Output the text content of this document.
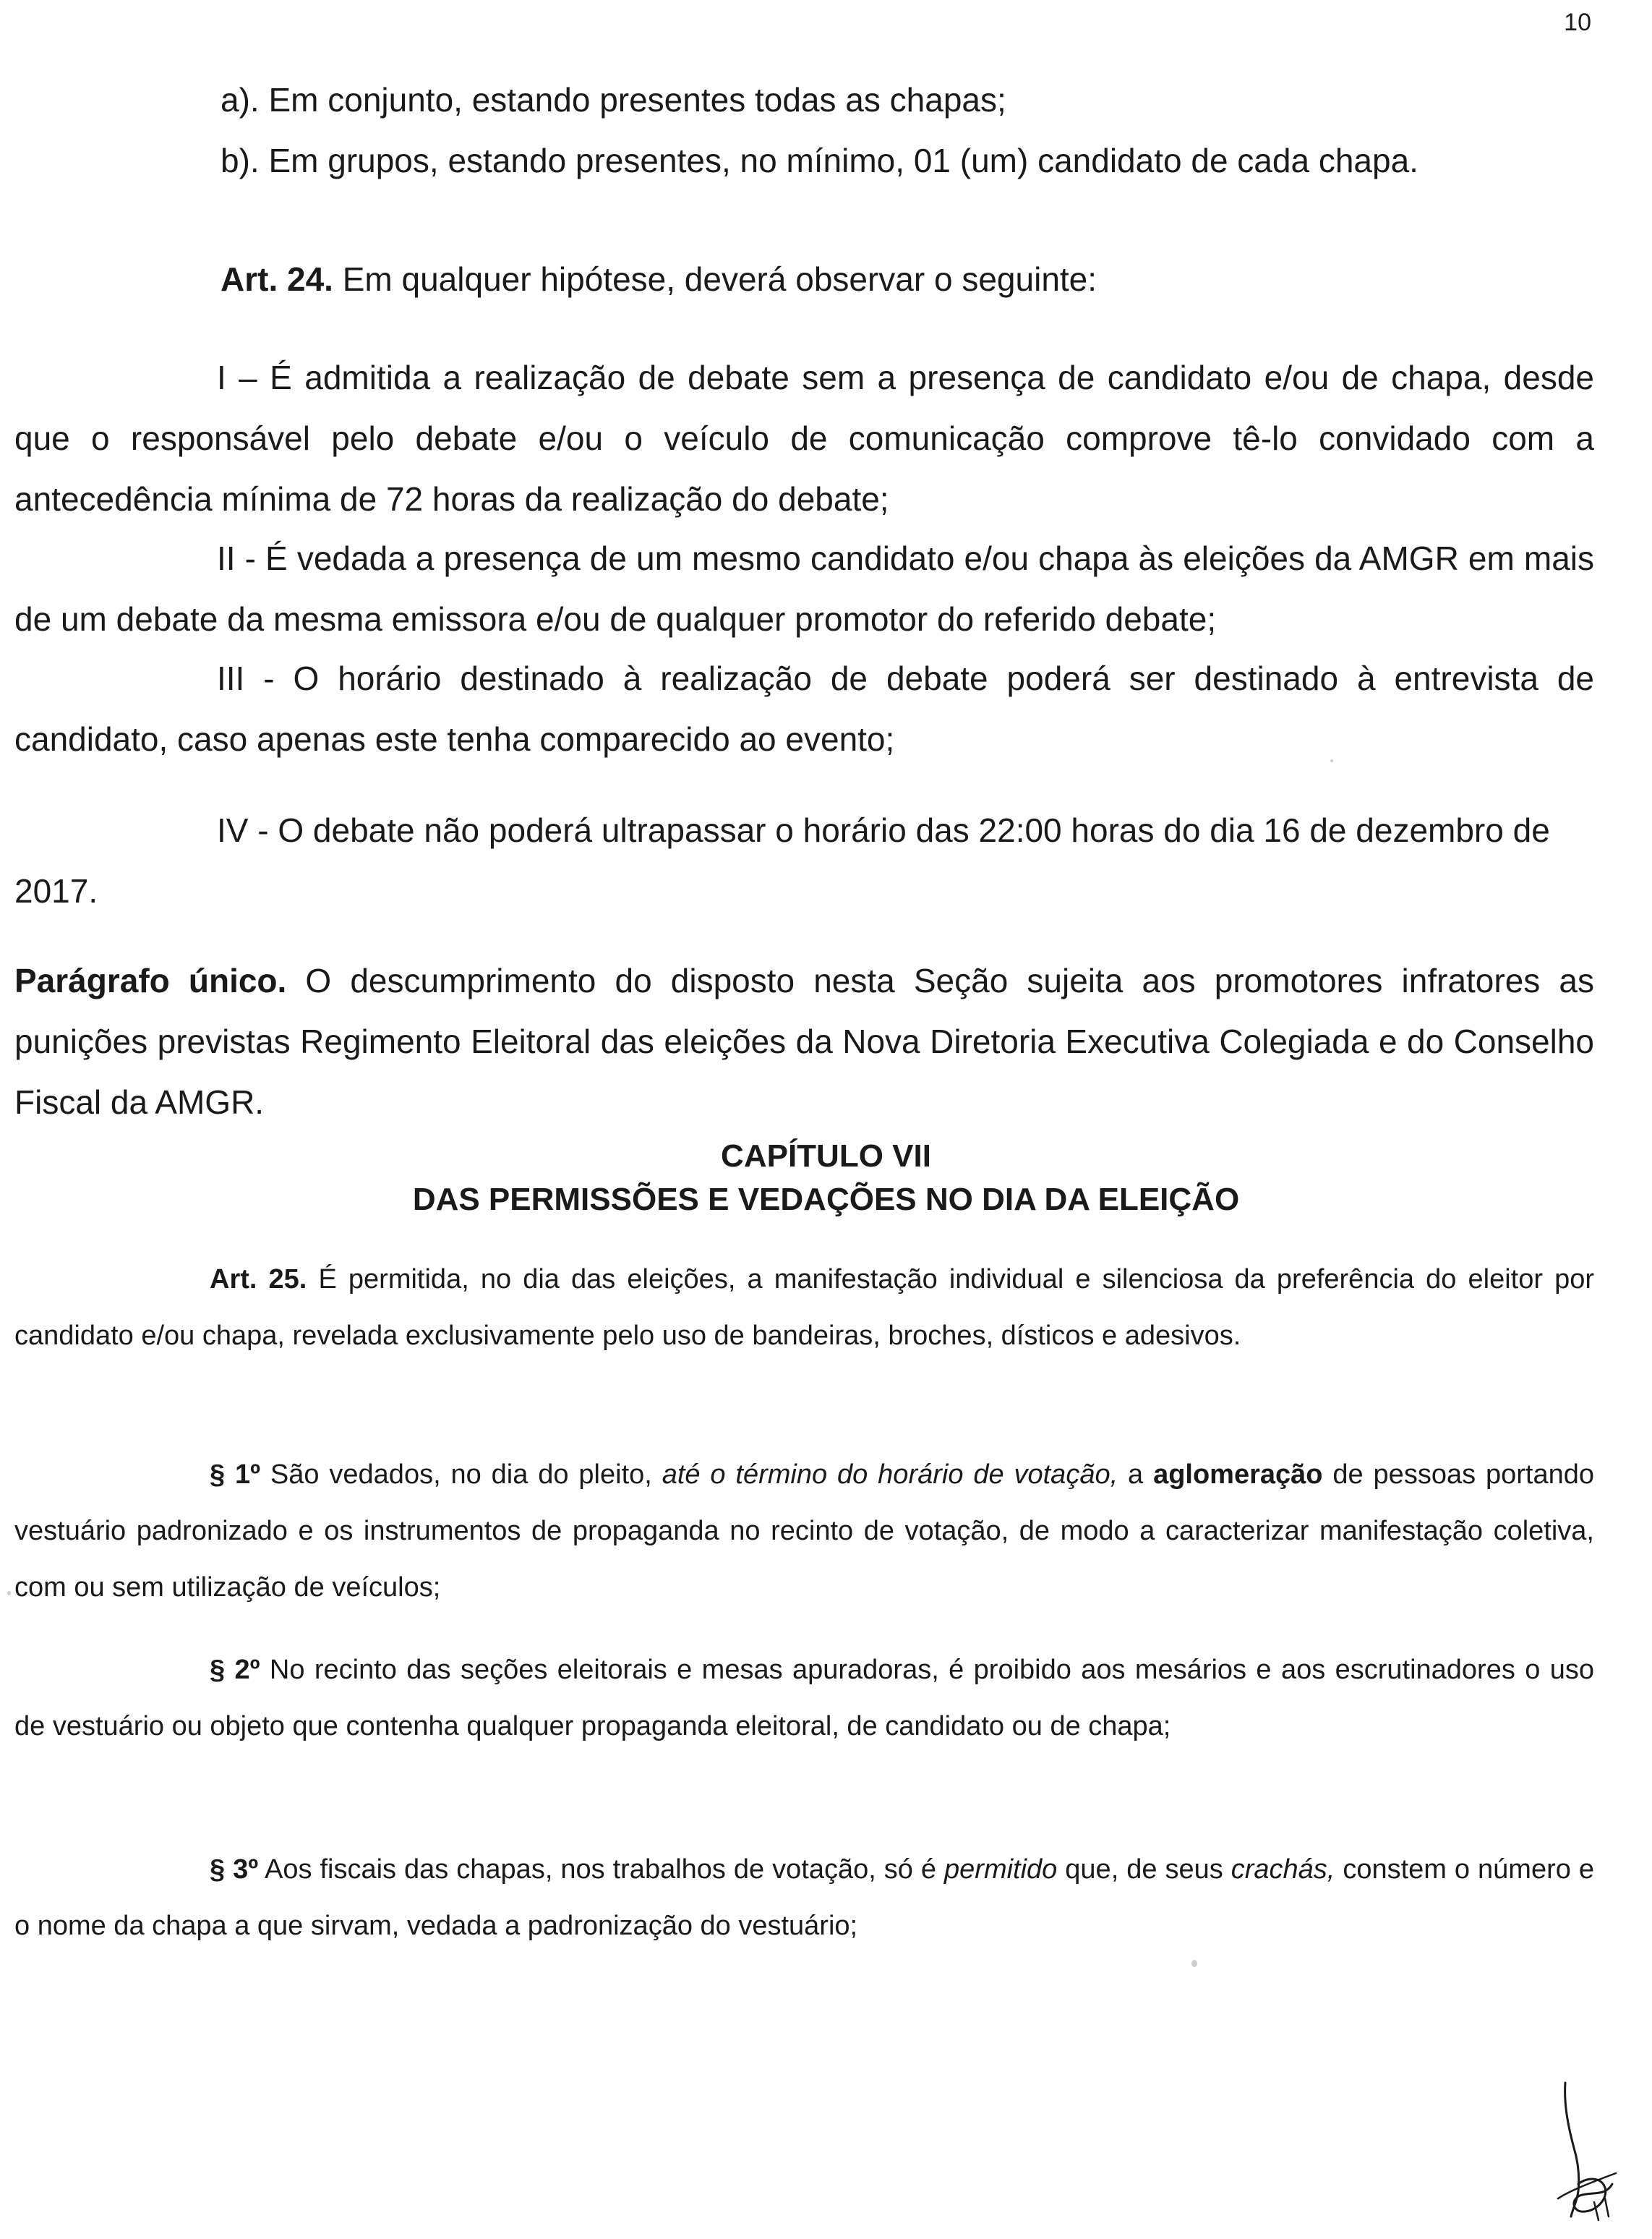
10
a). Em conjunto, estando presentes todas as chapas;
b). Em grupos, estando presentes, no mínimo, 01 (um) candidato de cada chapa.
Art. 24. Em qualquer hipótese, deverá observar o seguinte:
I – É admitida a realização de debate sem a presença de candidato e/ou de chapa, desde que o responsável pelo debate e/ou o veículo de comunicação comprove tê-lo convidado com a antecedência mínima de 72 horas da realização do debate;
II - É vedada a presença de um mesmo candidato e/ou chapa às eleições da AMGR em mais de um debate da mesma emissora e/ou de qualquer promotor do referido debate;
III - O horário destinado à realização de debate poderá ser destinado à entrevista de candidato, caso apenas este tenha comparecido ao evento;
IV - O debate não poderá ultrapassar o horário das 22:00 horas do dia 16 de dezembro de 2017.
Parágrafo único. O descumprimento do disposto nesta Seção sujeita aos promotores infratores as punições previstas Regimento Eleitoral das eleições da Nova Diretoria Executiva Colegiada e do Conselho Fiscal da AMGR.
CAPÍTULO VII
DAS PERMISSÕES E VEDAÇÕES NO DIA DA ELEIÇÃO
Art. 25. É permitida, no dia das eleições, a manifestação individual e silenciosa da preferência do eleitor por candidato e/ou chapa, revelada exclusivamente pelo uso de bandeiras, broches, dísticos e adesivos.
§ 1º São vedados, no dia do pleito, até o término do horário de votação, a aglomeração de pessoas portando vestuário padronizado e os instrumentos de propaganda no recinto de votação, de modo a caracterizar manifestação coletiva, com ou sem utilização de veículos;
§ 2º No recinto das seções eleitorais e mesas apuradoras, é proibido aos mesários e aos escrutinadores o uso de vestuário ou objeto que contenha qualquer propaganda eleitoral, de candidato ou de chapa;
§ 3º Aos fiscais das chapas, nos trabalhos de votação, só é permitido que, de seus crachás, constem o número e o nome da chapa a que sirvam, vedada a padronização do vestuário;
